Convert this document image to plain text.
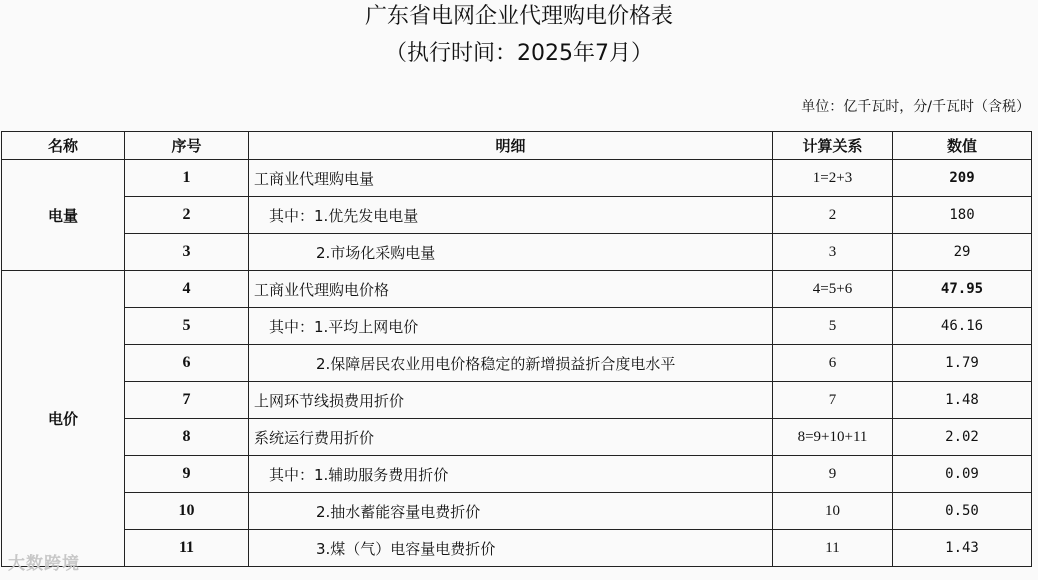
广东省电网企业代理购电价格表
（执行时间：2025年7月）
单位：亿千瓦时，分/千瓦时（含税）
名称	序号	明细	计算关系	数值
电量	1	工商业代理购电量	1=2+3	209
	2	其中：1.优先发电电量	2	180
	3	2.市场化采购电量	3	29
电价	4	工商业代理购电价格	4=5+6	47.95
	5	其中：1.平均上网电价	5	46.16
	6	2.保障居民农业用电价格稳定的新增损益折合度电水平	6	1.79
	7	上网环节线损费用折价	7	1.48
	8	系统运行费用折价	8=9+10+11	2.02
	9	其中：1.辅助服务费用折价	9	0.09
	10	2.抽水蓄能容量电费折价	10	0.50
	11	3.煤（气）电容量电费折价	11	1.43
大数跨境
